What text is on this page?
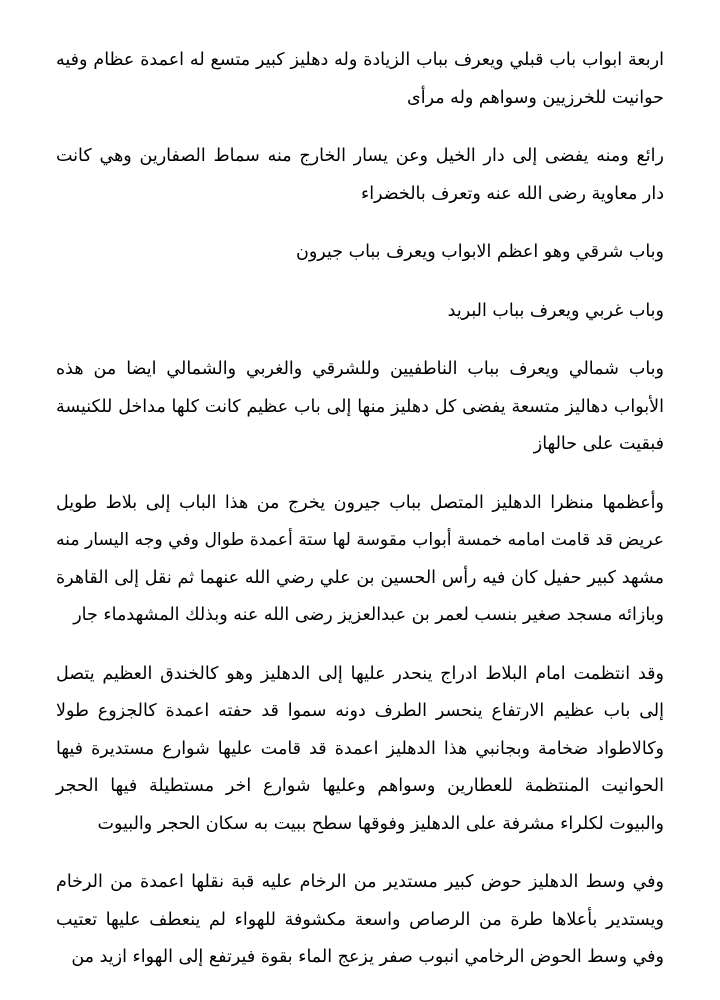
اربعة ابواب باب قبلي ويعرف بباب الزيادة وله دهليز كبير متسع له اعمدة عظام وفيه
حوانيت للخرزيين وسواهم وله مرأى

رائع ومنه يفضى إلى دار الخيل وعن يسار الخارج منه سماط الصفارين وهي كانت
دار معاوية رضى الله عنه وتعرف بالخضراء

وباب شرقي وهو اعظم الابواب ويعرف بباب جيرون

وباب غربي ويعرف بباب البريد

وباب شمالي ويعرف بباب الناطفيين وللشرقي والغربي والشمالي ايضا من هذه
الأبواب دهاليز متسعة يفضى كل دهليز منها إلى باب عظيم كانت كلها مداخل للكنيسة
فبقيت على حالهاز

وأعظمها منظرا الدهليز المتصل بباب جيرون يخرج من هذا الباب إلى بلاط طويل
عريض قد قامت امامه خمسة أبواب مقوسة لها ستة أعمدة طوال وفي وجه اليسار منه
مشهد كبير حفيل كان فيه رأس الحسين بن علي رضي الله عنهما ثم نقل إلى القاهرة
وبازائه مسجد صغير بنسب لعمر بن عبدالعزيز رضى الله عنه وبذلك المشهدماء جار

وقد انتظمت امام البلاط ادراج ينحدر عليها إلى الدهليز وهو كالخندق العظيم يتصل
إلى باب عظيم الارتفاع ينحسر الطرف دونه سموا قد حفته اعمدة كالجزوع طولا
وكالاطواد ضخامة وبجانبي هذا الدهليز اعمدة قد قامت عليها شوارع مستديرة فيها
الحوانيت المنتظمة للعطارين وسواهم وعليها شوارع اخر مستطيلة فيها الحجر
والبيوت لكلراء مشرفة على الدهليز وفوقها سطح ببيت به سكان الحجر والبيوت

وفي وسط الدهليز حوض كبير مستدير من الرخام عليه قبة نقلها اعمدة من الرخام
ويستدير بأعلاها طرة من الرصاص واسعة مكشوفة للهواء لم ينعطف عليها تعتيب
وفي وسط الحوض الرخامي انبوب صفر يزعج الماء بقوة فيرتفع إلى الهواء ازيد من
